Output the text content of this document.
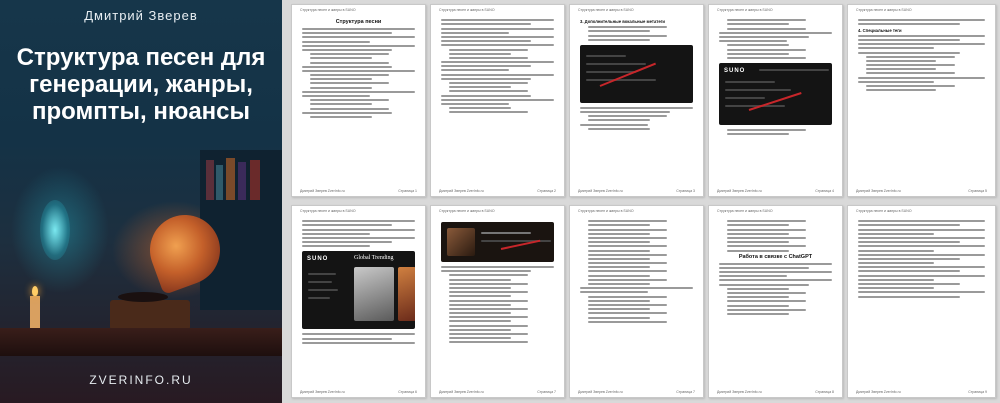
Дмитрий Зверев
Структура песен для генерации, жанры, промпты, нюансы
ZVERINFO.RU
Структура песен и жанры в SUNO
Структура песни
Дмитрий Зверев ZverInfo.ru	Страница 1
Структура песен и жанры в SUNO
Дмитрий Зверев ZverInfo.ru	Страница 2
Структура песен и жанры в SUNO
3. Дополнительные вокальные метатеги
Дмитрий Зверев ZverInfo.ru	Страница 3
Структура песен и жанры в SUNO
SUNO
Дмитрий Зверев ZverInfo.ru	Страница 4
Структура песен и жанры в SUNO
4. Специальные теги
Дмитрий Зверев ZverInfo.ru	Страница 5
Структура песен и жанры в SUNO
SUNO	Global Trending
Дмитрий Зверев ZverInfo.ru	Страница 6
Структура песен и жанры в SUNO
Дмитрий Зверев ZverInfo.ru	Страница 7
Структура песен и жанры в SUNO
Дмитрий Зверев ZverInfo.ru	Страница 7
Структура песен и жанры в SUNO
Работа в связке с ChatGPT
Дмитрий Зверев ZverInfo.ru	Страница 8
Структура песен и жанры в SUNO
Дмитрий Зверев ZverInfo.ru	Страница 9
